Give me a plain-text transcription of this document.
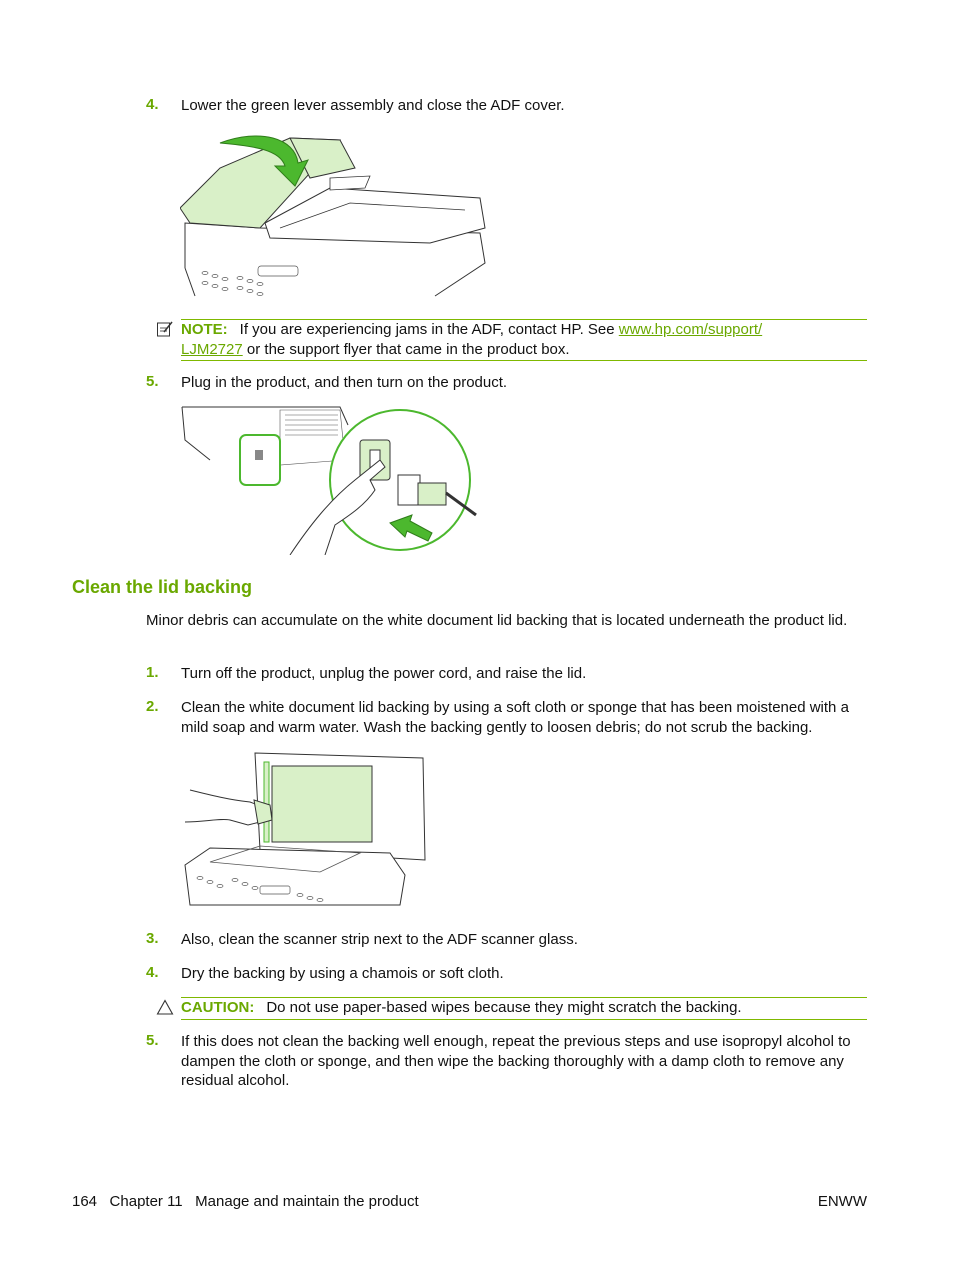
4. Lower the green lever assembly and close the ADF cover.
NOTE: If you are experiencing jams in the ADF, contact HP. See www.hp.com/support/
LJM2727 or the support flyer that came in the product box.
5. Plug in the product, and then turn on the product.
Clean the lid backing
Minor debris can accumulate on the white document lid backing that is located underneath the product lid.
1. Turn off the product, unplug the power cord, and raise the lid.
2. Clean the white document lid backing by using a soft cloth or sponge that has been moistened with a mild soap and warm water. Wash the backing gently to loosen debris; do not scrub the backing.
3. Also, clean the scanner strip next to the ADF scanner glass.
4. Dry the backing by using a chamois or soft cloth.
CAUTION: Do not use paper-based wipes because they might scratch the backing.
5. If this does not clean the backing well enough, repeat the previous steps and use isopropyl alcohol to dampen the cloth or sponge, and then wipe the backing thoroughly with a damp cloth to remove any residual alcohol.
164 Chapter 11 Manage and maintain the product	ENWW
